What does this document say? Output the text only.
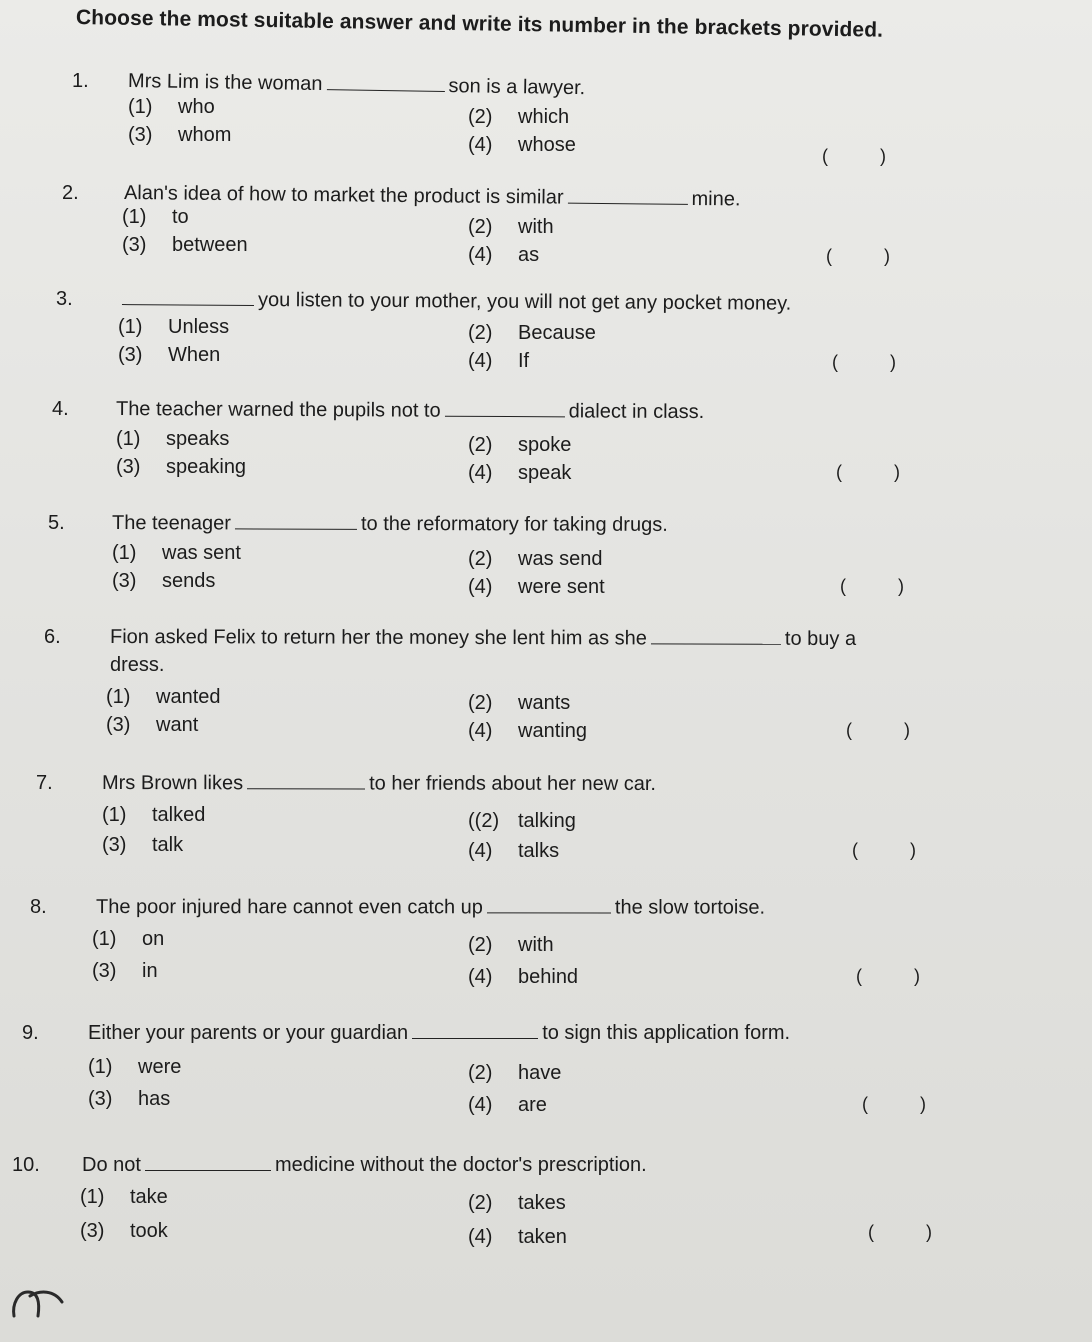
Choose the most suitable answer and write its number in the brackets provided.
1. Mrs Lim is the woman	son is a lawyer.
(1) who	(2) which
(3) whom	(4) whose	(	)
2. Alan's idea of how to market the product is similar	mine.
(1) to	(2) with
(3) between	(4) as	(	)
3.	you listen to your mother, you will not get any pocket money.
(1) Unless	(2) Because
(3) When	(4) If	(	)
4. The teacher warned the pupils not to	dialect in class.
(1) speaks	(2) spoke
(3) speaking	(4) speak	(	)
5. The teenager	to the reformatory for taking drugs.
(1) was sent	(2) was send
(3) sends	(4) were sent	(	)
6. Fion asked Felix to return her the money she lent him as she	to buy a
dress.
(1) wanted	(2) wants
(3) want	(4) wanting	(	)
7. Mrs Brown likes	to her friends about her new car.
(1) talked	((2) talking
(3) talk	(4) talks	(	)
8. The poor injured hare cannot even catch up	the slow tortoise.
(1) on	(2) with
(3) in	(4) behind	(	)
9. Either your parents or your guardian	to sign this application form.
(1) were	(2) have
(3) has	(4) are	(	)
10. Do not	medicine without the doctor's prescription.
(1) take	(2) takes
(3) took	(4) taken	(	)
